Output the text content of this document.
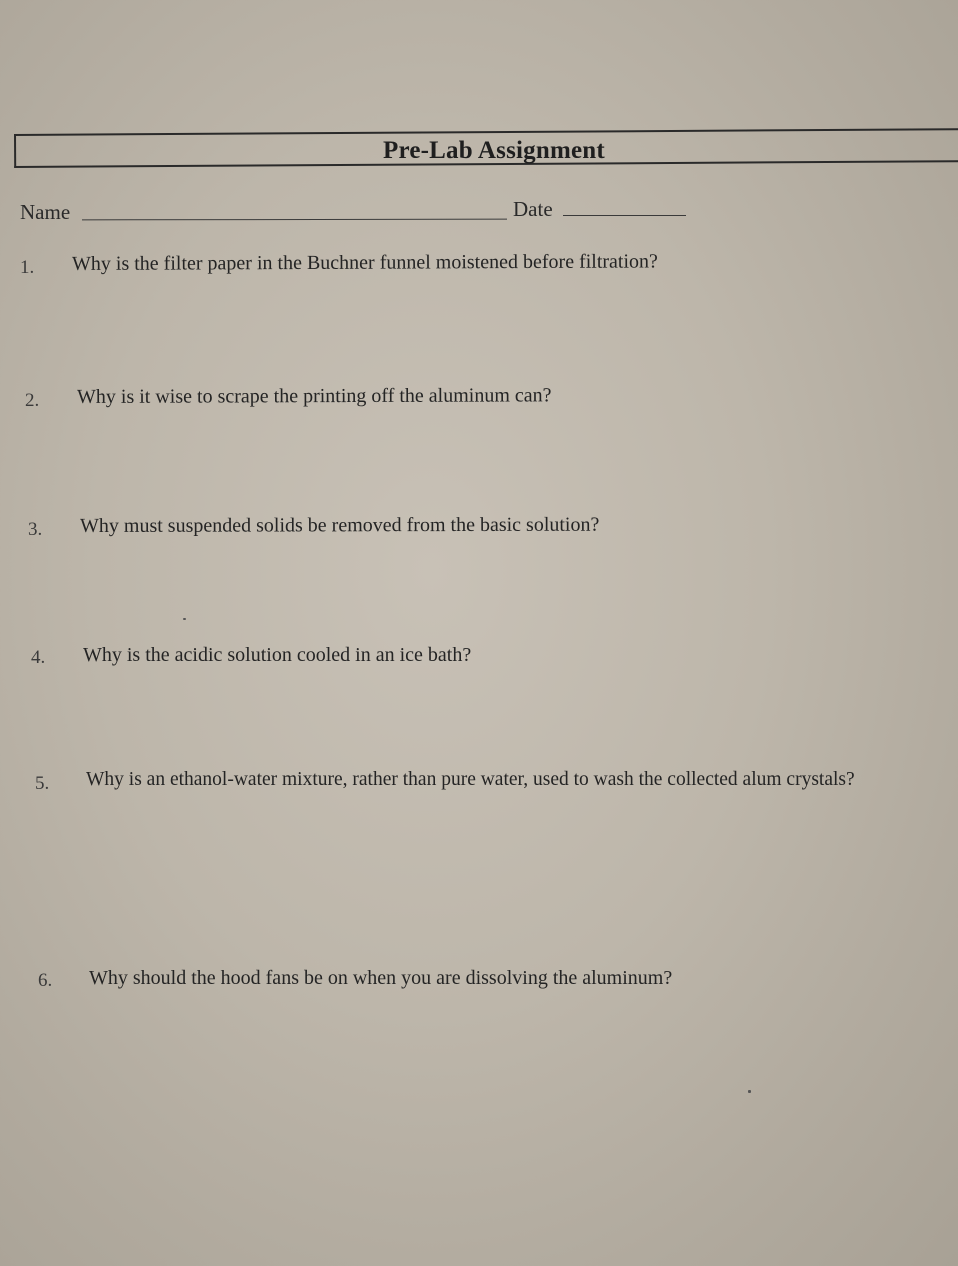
Pre-Lab Assignment
Name	Date
1. Why is the filter paper in the Buchner funnel moistened before filtration?
2. Why is it wise to scrape the printing off the aluminum can?
3. Why must suspended solids be removed from the basic solution?
4. Why is the acidic solution cooled in an ice bath?
5. Why is an ethanol-water mixture, rather than pure water, used to wash the collected alum crystals?
6. Why should the hood fans be on when you are dissolving the aluminum?
